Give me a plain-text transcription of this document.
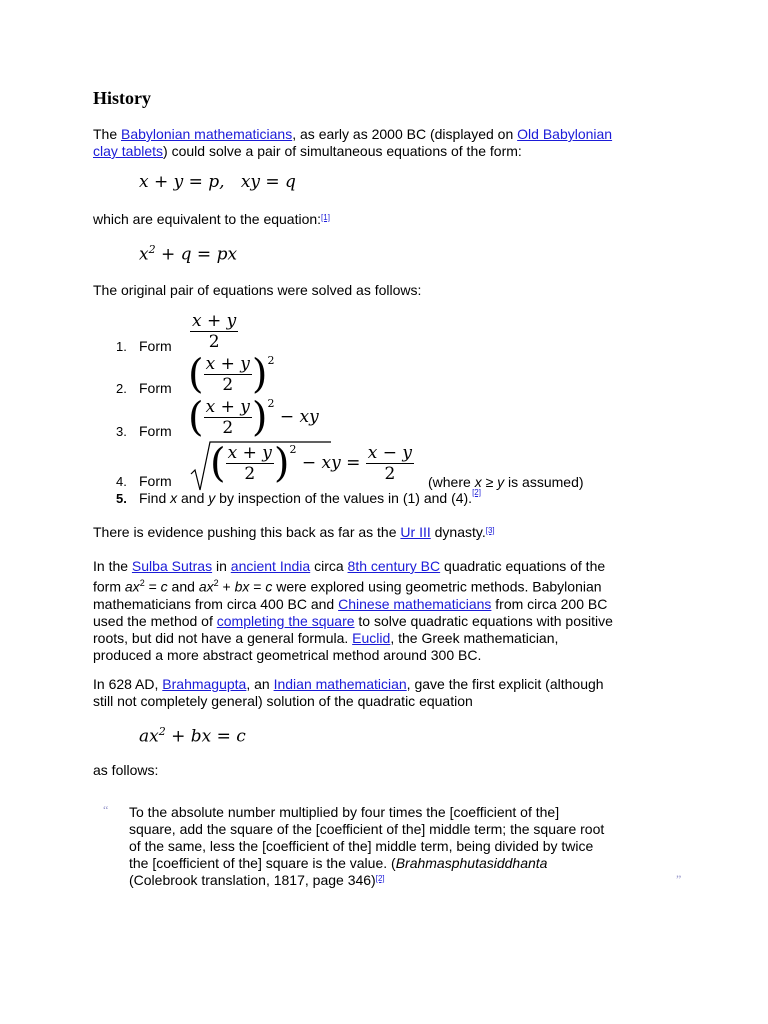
History
The Babylonian mathematicians, as early as 2000 BC (displayed on Old Babylonian
clay tablets) could solve a pair of simultaneous equations of the form:
x + y = p, xy = q
which are equivalent to the equation:[1]
$x^2 + q$ = px
The original pair of equations were solved as follows:
1. Form $\frac{x + y}{2}$
2. Form ( $\frac{x + y}{2} )^2$
3. Form ( $\frac{x + y}{2} )^2$ − xy
4. Form ( $\frac{x + y}{2} )^2$ − xy = $\frac{x - y}{2}$ (where x ≥ y is assumed)
5. Find x and y by inspection of the values in (1) and (4).[2]
There is evidence pushing this back as far as the Ur III dynasty.[3]
In the Sulba Sutras in ancient India circa 8th century BC quadratic equations of the
form $ax^2 = c$ and $ax^2$ + bx = c were explored using geometric methods. Babylonian
mathematicians from circa 400 BC and Chinese mathematicians from circa 200 BC
used the method of completing the square to solve quadratic equations with positive
roots, but did not have a general formula. Euclid, the Greek mathematician,
produced a more abstract geometrical method around 300 BC.
In 628 AD, Brahmagupta, an Indian mathematician, gave the first explicit (although
still not completely general) solution of the quadratic equation
$ax^2$ + bx = c
as follows:
“ To the absolute number multiplied by four times the [coefficient of the]
square, add the square of the [coefficient of the] middle term; the square root
of the same, less the [coefficient of the] middle term, being divided by twice
the [coefficient of the] square is the value. (Brahmasphutasiddhanta
(Colebrook translation, 1817, page 346)[2]	”
